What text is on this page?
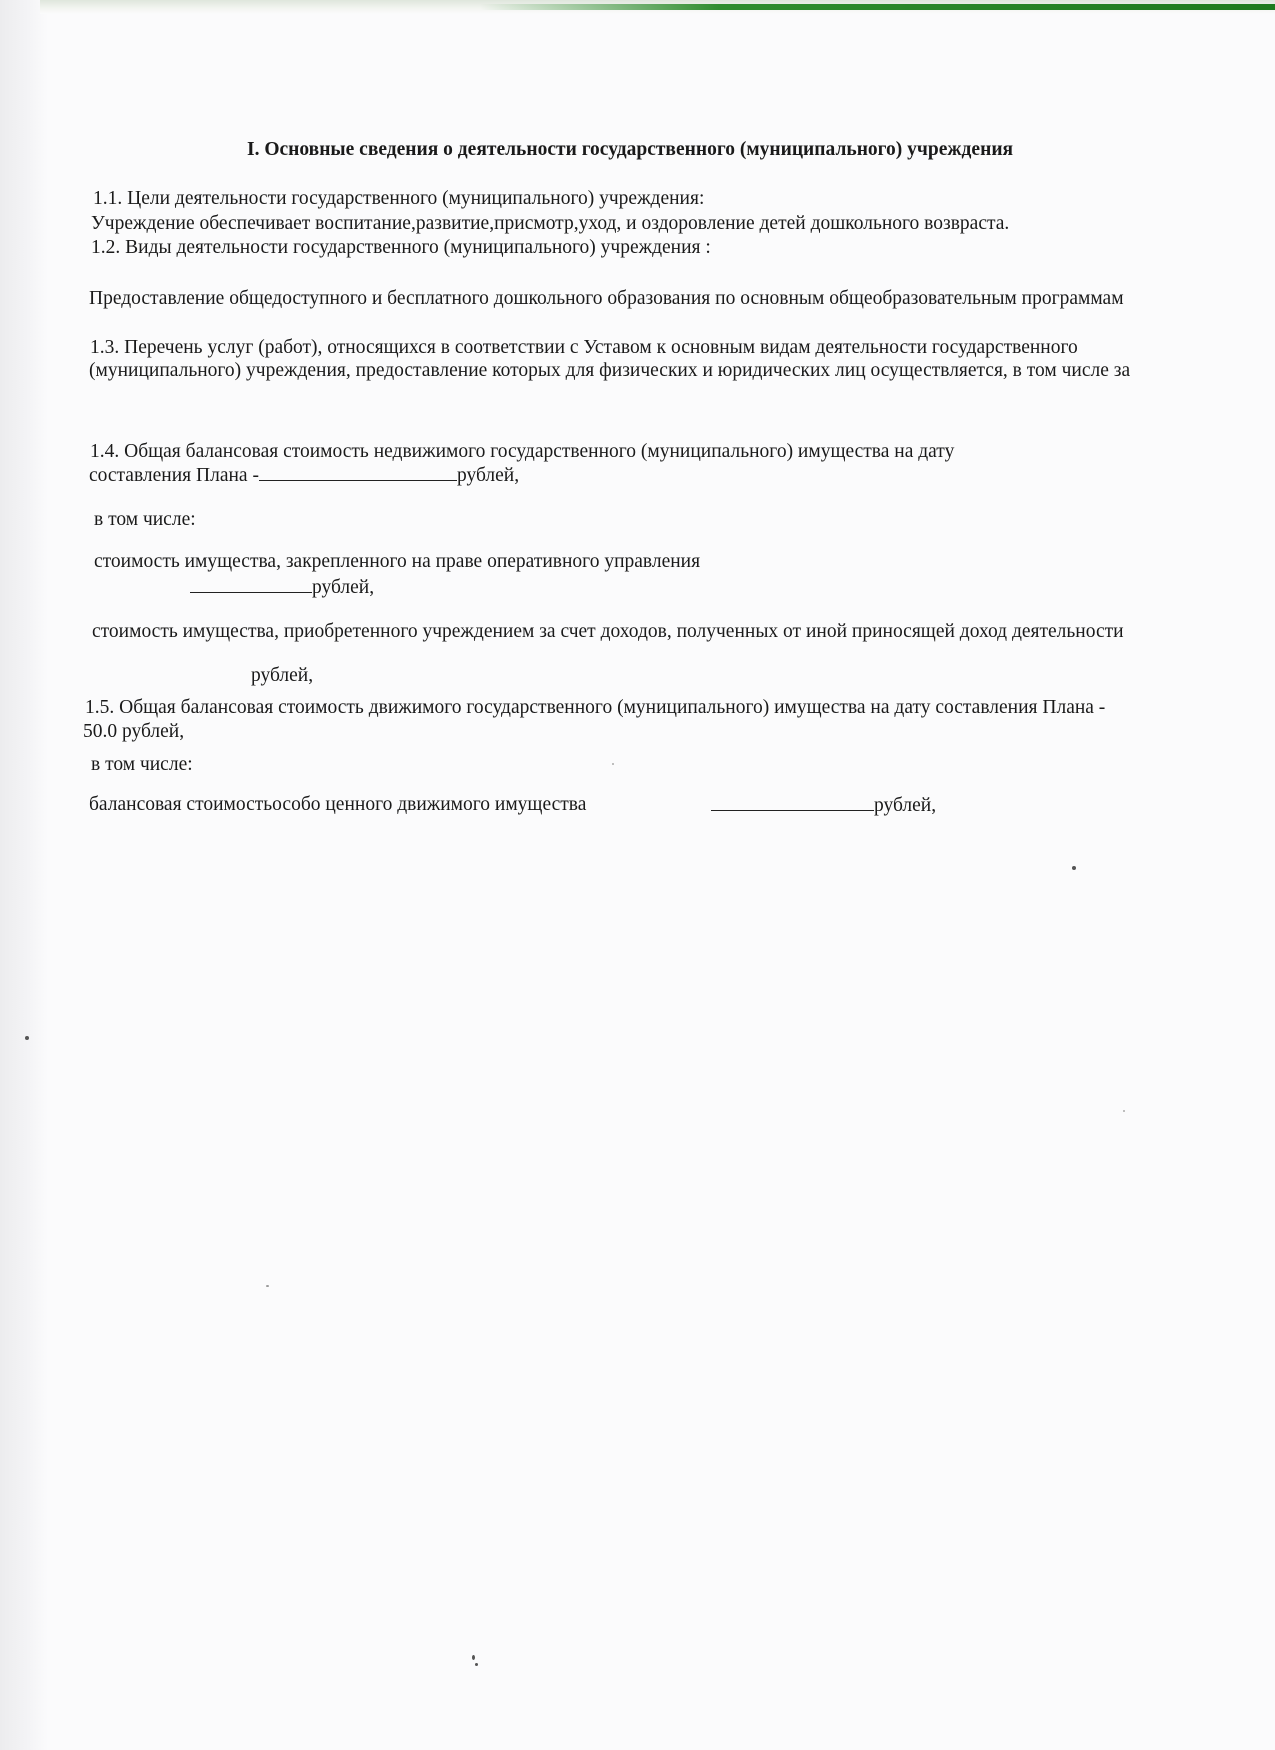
I. Основные сведения о деятельности государственного (муниципального) учреждения
1.1. Цели деятельности государственного (муниципального) учреждения:
Учреждение обеспечивает воспитание,развитие,присмотр,уход, и оздоровление детей дошкольного возвраста.
1.2. Виды деятельности государственного (муниципального) учреждения :
Предоставление общедоступного и бесплатного дошкольного образования по основным общеобразовательным программам
1.3. Перечень услуг (работ), относящихся в соответствии с Уставом к основным видам деятельности государственного
(муниципального) учреждения, предоставление которых для физических и юридических лиц осуществляется, в том числе за
1.4. Общая балансовая стоимость недвижимого государственного (муниципального) имущества на дату
составления Плана -	рублей,
в том числе:
стоимость имущества, закрепленного на праве оперативного управления
рублей,
стоимость имущества, приобретенного учреждением за счет доходов, полученных от иной приносящей доход деятельности
рублей,
1.5. Общая балансовая стоимость движимого государственного (муниципального) имущества на дату составления Плана -
50.0 рублей,
в том числе:
балансовая стоимостьособо ценного движимого имущества	рублей,
